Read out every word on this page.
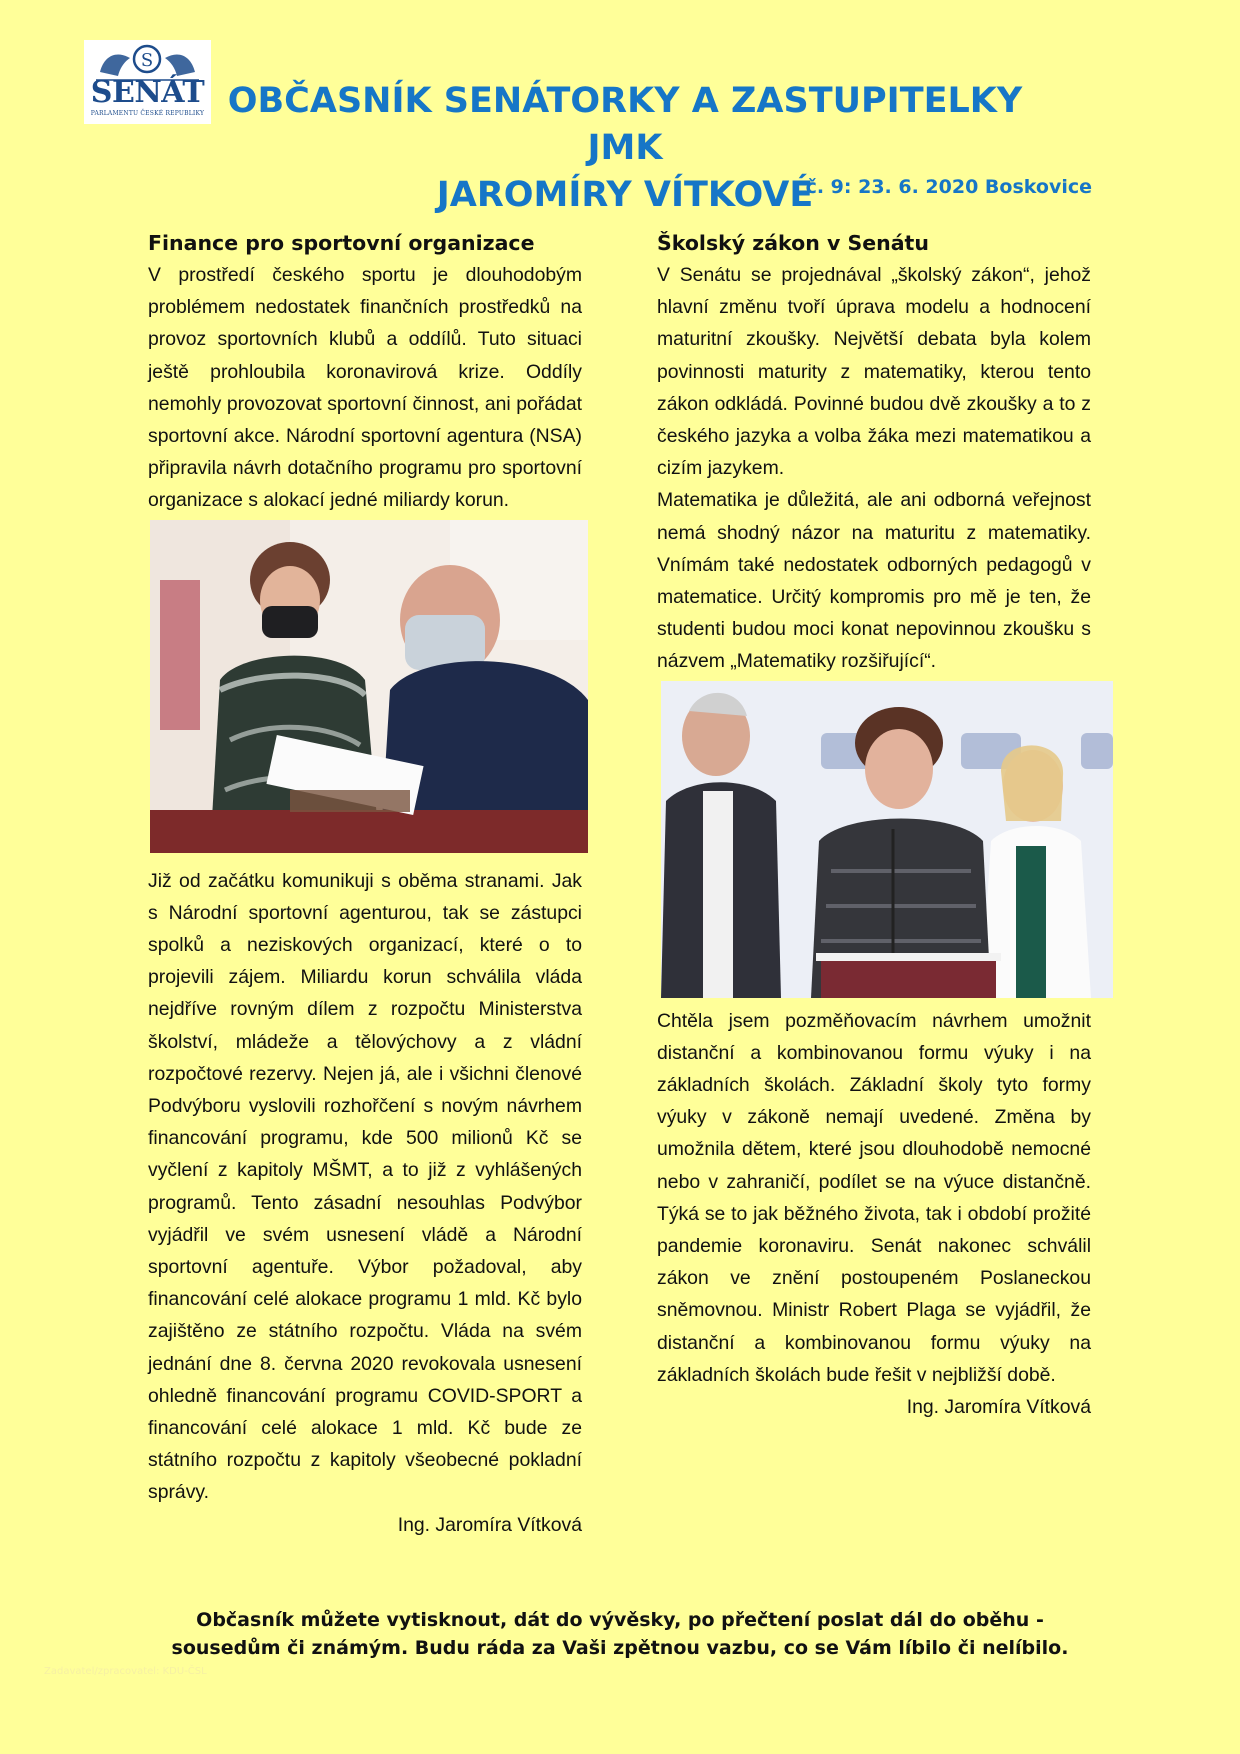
S
SENÁT
PARLAMENTU ČESKÉ REPUBLIKY OBČASNÍK SENÁTORKY A ZASTUPITELKY JMK
JAROMÍRY VÍTKOVÉ
č. 9: 23. 6. 2020 Boskovice
Finance pro sportovní organizace

V prostředí českého sportu je dlouhodobým problémem nedostatek finančních prostředků na provoz sportovních klubů a oddílů. Tuto situaci ještě prohloubila koronavirová krize. Oddíly nemohly provozovat sportovní činnost, ani pořádat sportovní akce. Národní sportovní agentura (NSA) připravila návrh dotačního programu pro sportovní organizace s alokací jedné miliardy korun.

Již od začátku komunikuji s oběma stranami. Jak s Národní sportovní agenturou, tak se zástupci spolků a neziskových organizací, které o to projevili zájem. Miliardu korun schválila vláda nejdříve rovným dílem z rozpočtu Ministerstva školství, mládeže a tělovýchovy a z vládní rozpočtové rezervy. Nejen já, ale i všichni členové Podvýboru vyslovili rozhořčení s novým návrhem financování programu, kde 500 milionů Kč se vyčlení z kapitoly MŠMT, a to již z vyhlášených programů. Tento zásadní nesouhlas Podvýbor vyjádřil ve svém usnesení vládě a Národní sportovní agentuře. Výbor požadoval, aby financování celé alokace programu 1 mld. Kč bylo zajištěno ze státního rozpočtu. Vláda na svém jednání dne 8. června 2020 revokovala usnesení ohledně financování programu COVID-SPORT a financování celé alokace 1 mld. Kč bude ze státního rozpočtu z kapitoly všeobecné pokladní správy.

Ing. Jaromíra Vítková
Školský zákon v Senátu

V Senátu se projednával „školský zákon“, jehož hlavní změnu tvoří úprava modelu a hodnocení maturitní zkoušky. Největší debata byla kolem povinnosti maturity z matematiky, kterou tento zákon odkládá. Povinné budou dvě zkoušky a to z českého jazyka a volba žáka mezi matematikou a cizím jazykem.

Matematika je důležitá, ale ani odborná veřejnost nemá shodný názor na maturitu z matematiky. Vnímám také nedostatek odborných pedagogů v matematice. Určitý kompromis pro mě je ten, že studenti budou moci konat nepovinnou zkoušku s názvem „Matematiky rozšiřující“.

Chtěla jsem pozměňovacím návrhem umožnit distanční a kombinovanou formu výuky i na základních školách. Základní školy tyto formy výuky v zákoně nemají uvedené. Změna by umožnila dětem, které jsou dlouhodobě nemocné nebo v zahraničí, podílet se na výuce distančně. Týká se to jak běžného života, tak i období prožité pandemie koronaviru. Senát nakonec schválil zákon ve znění postoupeném Poslaneckou sněmovnou. Ministr Robert Plaga se vyjádřil, že distanční a kombinovanou formu výuky na základních školách bude řešit v nejbližší době.

Ing. Jaromíra Vítková
Občasník můžete vytisknout, dát do vývěsky, po přečtení poslat dál do oběhu - sousedům či známým. Budu ráda za Vaši zpětnou vazbu, co se Vám líbilo či nelíbilo.
Zadavatel/zpracovatel: KDU-ČSL
